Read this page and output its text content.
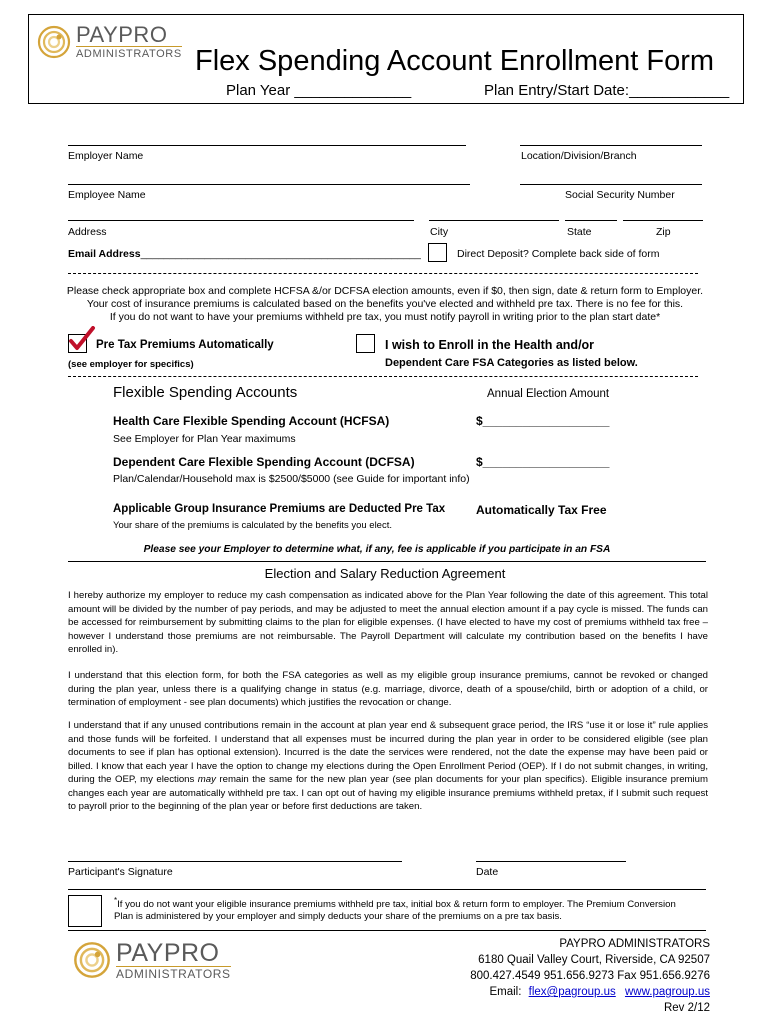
PAYPRO
ADMINISTRATORS Flex Spending Account Enrollment Form
Plan Year ______________	Plan Entry/Start Date:____________
Employer Name	Location/Division/Branch
Employee Name	Social Security Number
Address	City	State	Zip
Email Address________________________________________________	Direct Deposit? Complete back side of form
Please check appropriate box and complete HCFSA &/or DCFSA election amounts, even if $0, then sign, date & return form to Employer.
Your cost of insurance premiums is calculated based on the benefits you've elected and withheld pre tax. There is no fee for this.
If you do not want to have your premiums withheld pre tax, you must notify payroll in writing prior to the plan start date*
Pre Tax Premiums Automatically
(see employer for specifics)
I wish to Enroll in the Health and/or
Dependent Care FSA Categories as listed below.
Flexible Spending Accounts	Annual Election Amount
Health Care Flexible Spending Account (HCFSA)	$___________________
See Employer for Plan Year maximums
Dependent Care Flexible Spending Account (DCFSA)	$___________________
Plan/Calendar/Household max is $2500/$5000 (see Guide for important info)
Applicable Group Insurance Premiums are Deducted Pre Tax	Automatically Tax Free
Your share of the premiums is calculated by the benefits you elect.
Please see your Employer to determine what, if any, fee is applicable if you participate in an FSA
Election and Salary Reduction Agreement
I hereby authorize my employer to reduce my cash compensation as indicated above for the Plan Year following the date of this agreement. This total amount will be divided by the number of pay periods, and may be adjusted to meet the annual election amount if a pay cycle is missed. The funds can be accessed for reimbursement by submitting claims to the plan for eligible expenses. (I have elected to have my cost of premiums withheld tax free – however I understand those premiums are not reimbursable. The Payroll Department will calculate my contribution based on the benefits I have enrolled in).
I understand that this election form, for both the FSA categories as well as my eligible group insurance premiums, cannot be revoked or changed during the plan year, unless there is a qualifying change in status (e.g. marriage, divorce, death of a spouse/child, birth or adoption of a child, or termination of employment - see plan documents) which justifies the revocation or change.
I understand that if any unused contributions remain in the account at plan year end & subsequent grace period, the IRS “use it or lose it” rule applies and those funds will be forfeited. I understand that all expenses must be incurred during the plan year in order to be considered eligible (see plan documents to see if plan has optional extension). Incurred is the date the services were rendered, not the date the expense may have been paid or billed. I know that each year I have the option to change my elections during the Open Enrollment Period (OEP). If I do not submit changes, in writing, during the OEP, my elections may remain the same for the new plan year (see plan documents for your plan specifics). Eligible insurance premium changes each year are automatically withheld pre tax. I can opt out of having my eligible insurance premiums withheld pretax, if I submit such request to payroll prior to the beginning of the plan year or before first deductions are taken.
Participant's Signature	Date
*If you do not want your eligible insurance premiums withheld pre tax, initial box & return form to employer. The Premium Conversion
Plan is administered by your employer and simply deducts your share of the premiums on a pre tax basis.
PAYPRO
ADMINISTRATORS
PAYPRO ADMINISTRATORS
6180 Quail Valley Court, Riverside, CA 92507
800.427.4549 951.656.9273 Fax 951.656.9276
Email: flex@pagroup.us www.pagroup.us
Rev 2/12
